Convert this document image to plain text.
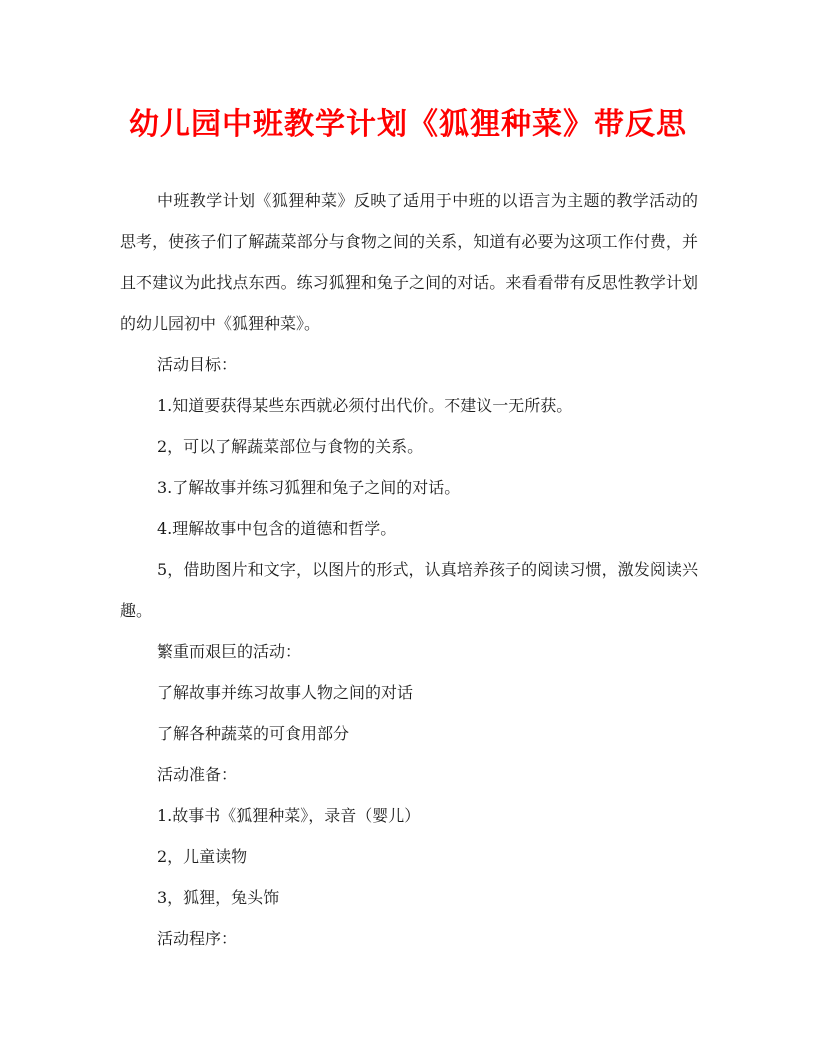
幼儿园中班教学计划《狐狸种菜》带反思

中班教学计划《狐狸种菜》反映了适用于中班的以语言为主题的教学活动的思考，使孩子们了解蔬菜部分与食物之间的关系，知道有必要为这项工作付费，并且不建议为此找点东西。练习狐狸和兔子之间的对话。来看看带有反思性教学计划的幼儿园初中《狐狸种菜》。

活动目标：

1.知道要获得某些东西就必须付出代价。不建议一无所获。

2，可以了解蔬菜部位与食物的关系。

3.了解故事并练习狐狸和兔子之间的对话。

4.理解故事中包含的道德和哲学。

5，借助图片和文字，以图片的形式，认真培养孩子的阅读习惯，激发阅读兴趣。

繁重而艰巨的活动：

了解故事并练习故事人物之间的对话

了解各种蔬菜的可食用部分

活动准备：

1.故事书《狐狸种菜》，录音（婴儿）

2，儿童读物

3，狐狸，兔头饰

活动程序：
